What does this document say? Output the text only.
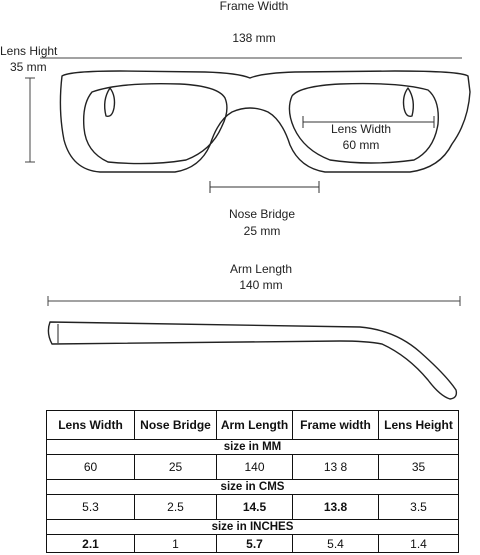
Frame Width
138 mm
Lens Hight
35 mm
Lens Width
60 mm
Nose Bridge
25 mm
Arm Length
140 mm
Lens Width	Nose Bridge	Arm Length	Frame width	Lens Height
size in MM				
60	25	140	13 8	35
size in CMS				
5.3	2.5	14.5	13.8	3.5
size in INCHES				
2.1	1	5.7	5.4	1.4
